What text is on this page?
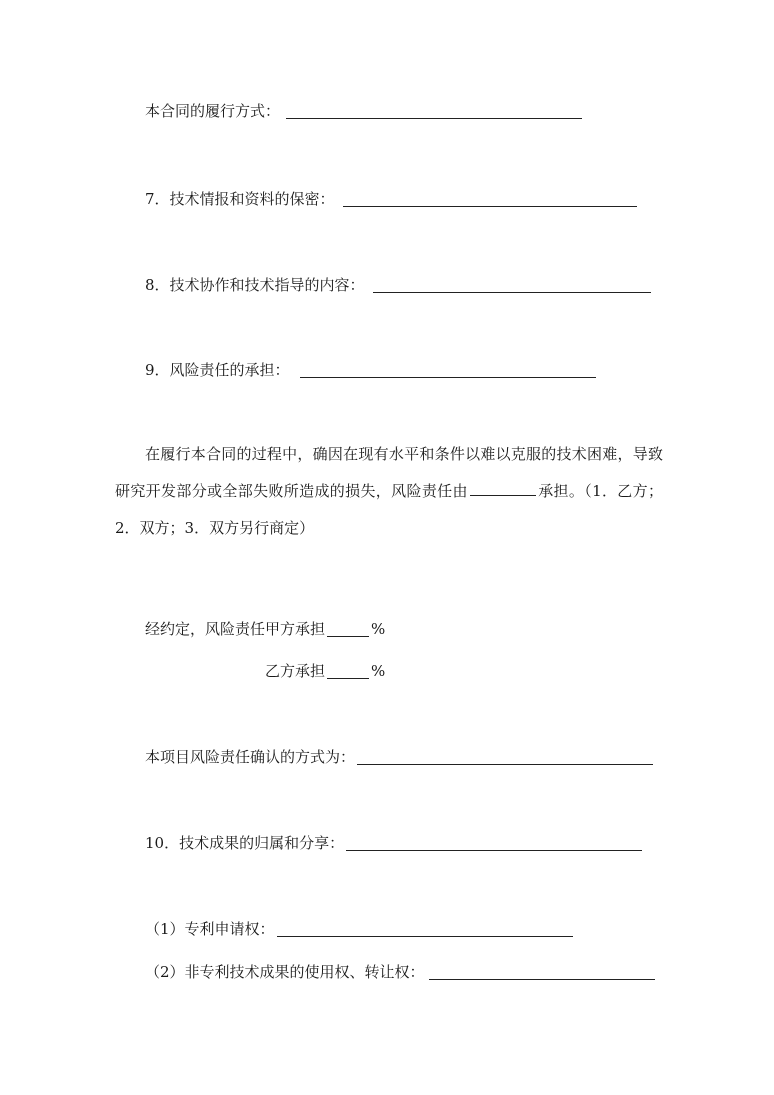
本合同的履行方式：
7．技术情报和资料的保密：
8．技术协作和技术指导的内容：
9．风险责任的承担：
在履行本合同的过程中，确因在现有水平和条件以难以克服的技术困难，导致研究开发部分或全部失败所造成的损失，风险责任由	承担。（1．乙方；2．双方；3．双方另行商定）
经约定，风险责任甲方承担	%
乙方承担	%
本项目风险责任确认的方式为：
10．技术成果的归属和分享：
（1）专利申请权：
（2）非专利技术成果的使用权、转让权：
